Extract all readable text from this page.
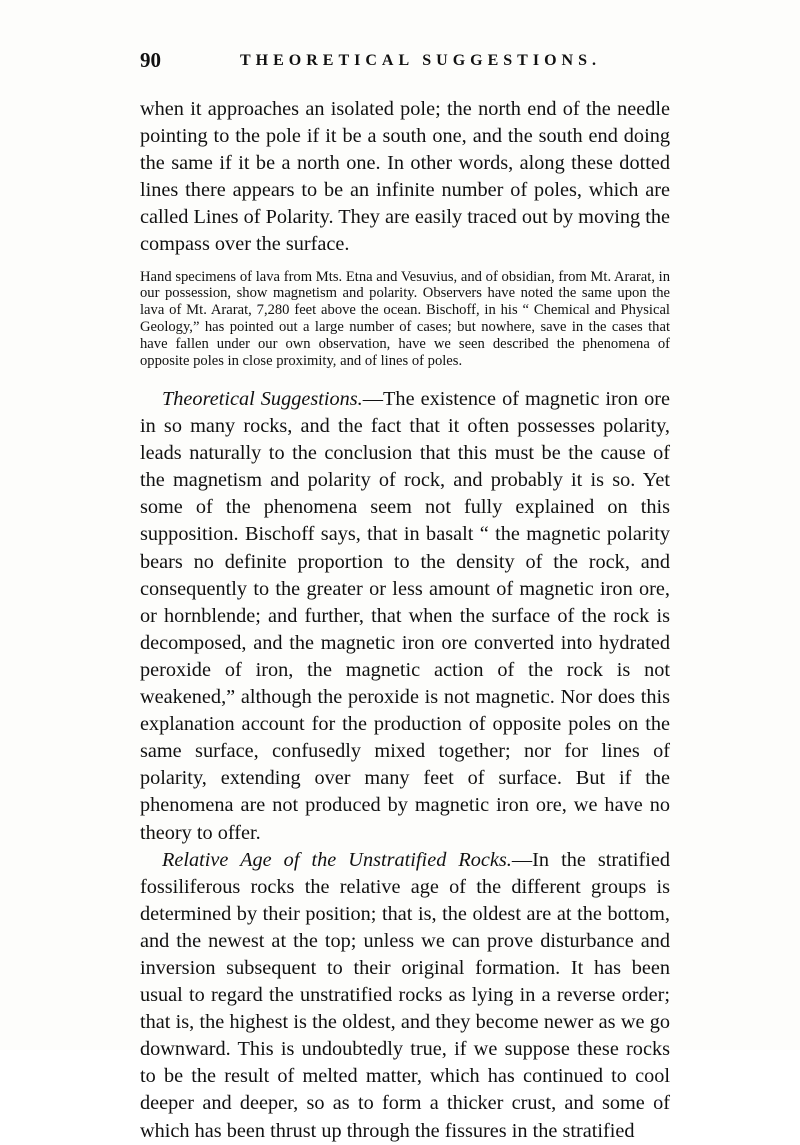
90	THEORETICAL SUGGESTIONS.

when it approaches an isolated pole; the north end of the needle pointing to the pole if it be a south one, and the south end doing the same if it be a north one. In other words, along these dotted lines there appears to be an infinite number of poles, which are called Lines of Polarity. They are easily traced out by moving the compass over the surface.

Hand specimens of lava from Mts. Etna and Vesuvius, and of obsidian, from Mt. Ararat, in our possession, show magnetism and polarity. Observers have noted the same upon the lava of Mt. Ararat, 7,280 feet above the ocean. Bischoff, in his “ Chemical and Physical Geology,” has pointed out a large number of cases; but nowhere, save in the cases that have fallen under our own observation, have we seen described the phenomena of opposite poles in close proximity, and of lines of poles.

Theoretical Suggestions.—The existence of magnetic iron ore in so many rocks, and the fact that it often possesses polarity, leads naturally to the conclusion that this must be the cause of the magnetism and polarity of rock, and probably it is so. Yet some of the phenomena seem not fully explained on this supposition. Bischoff says, that in basalt “ the magnetic polarity bears no definite proportion to the density of the rock, and consequently to the greater or less amount of magnetic iron ore, or hornblende; and further, that when the surface of the rock is decomposed, and the magnetic iron ore converted into hydrated peroxide of iron, the magnetic action of the rock is not weakened,” although the peroxide is not magnetic. Nor does this explanation account for the production of opposite poles on the same surface, confusedly mixed together; nor for lines of polarity, extending over many feet of surface. But if the phenomena are not produced by magnetic iron ore, we have no theory to offer.

Relative Age of the Unstratified Rocks.—In the stratified fossiliferous rocks the relative age of the different groups is determined by their position; that is, the oldest are at the bottom, and the newest at the top; unless we can prove disturbance and inversion subsequent to their original formation. It has been usual to regard the unstratified rocks as lying in a reverse order; that is, the highest is the oldest, and they become newer as we go downward. This is undoubtedly true, if we suppose these rocks to be the result of melted matter, which has continued to cool deeper and deeper, so as to form a thicker crust, and some of which has been thrust up through the fissures in the stratified
